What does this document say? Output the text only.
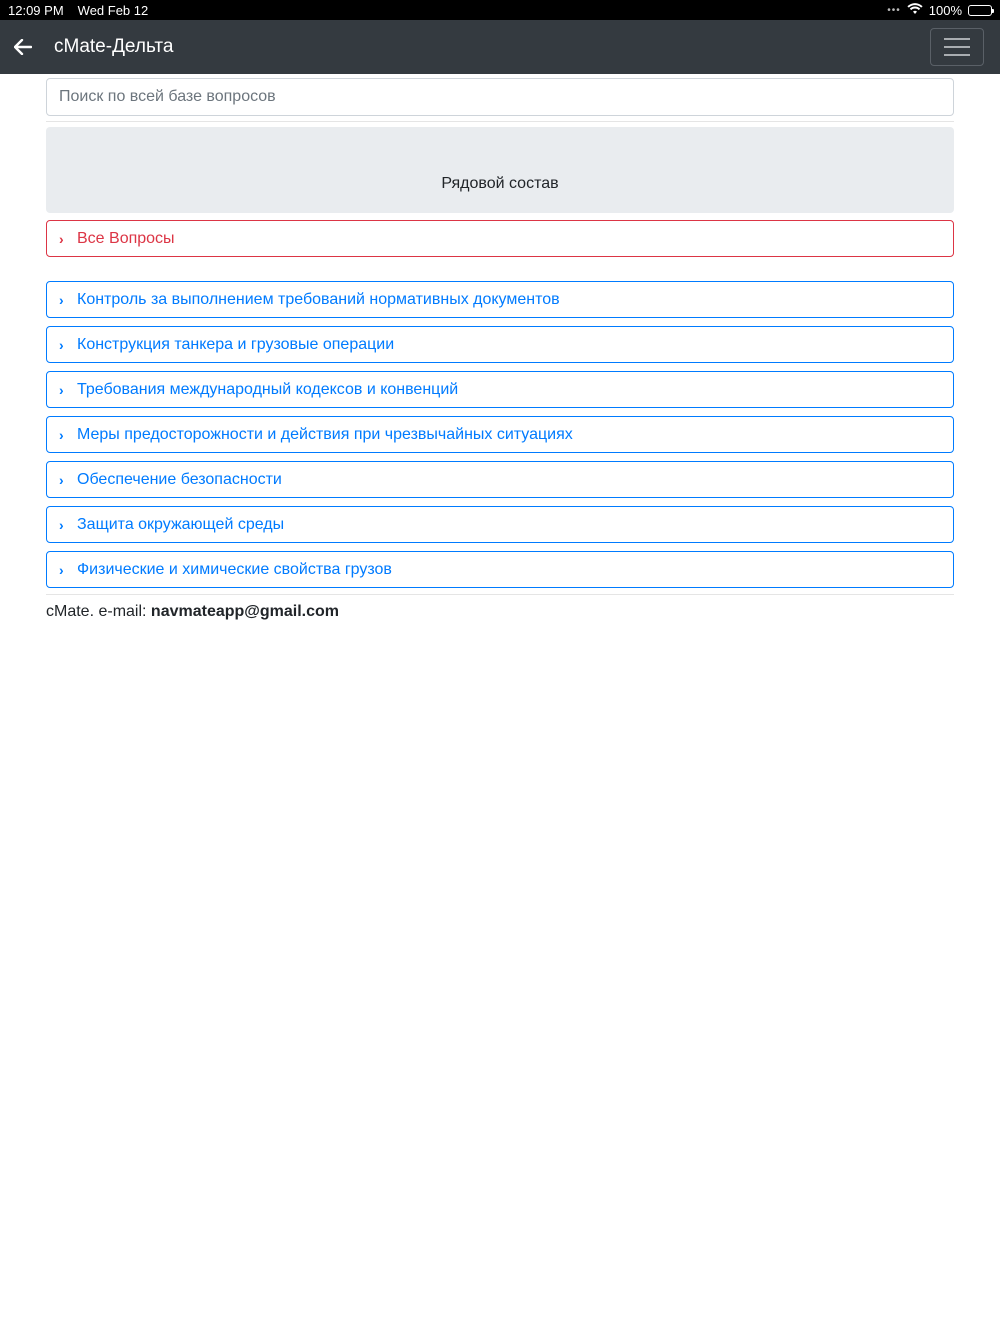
12:09 PM Wed Feb 12	••• 100%
cMate-Дельта
Поиск по всей базе вопросов
Рядовой состав
› Все Вопросы
› Контроль за выполнением требований нормативных документов
› Конструкция танкера и грузовые операции
› Требования международный кодексов и конвенций
› Меры предосторожности и действия при чрезвычайных ситуациях
› Обеспечение безопасности
› Защита окружающей среды
› Физические и химические свойства грузов
cMate. e-mail: navmateapp@gmail.com
